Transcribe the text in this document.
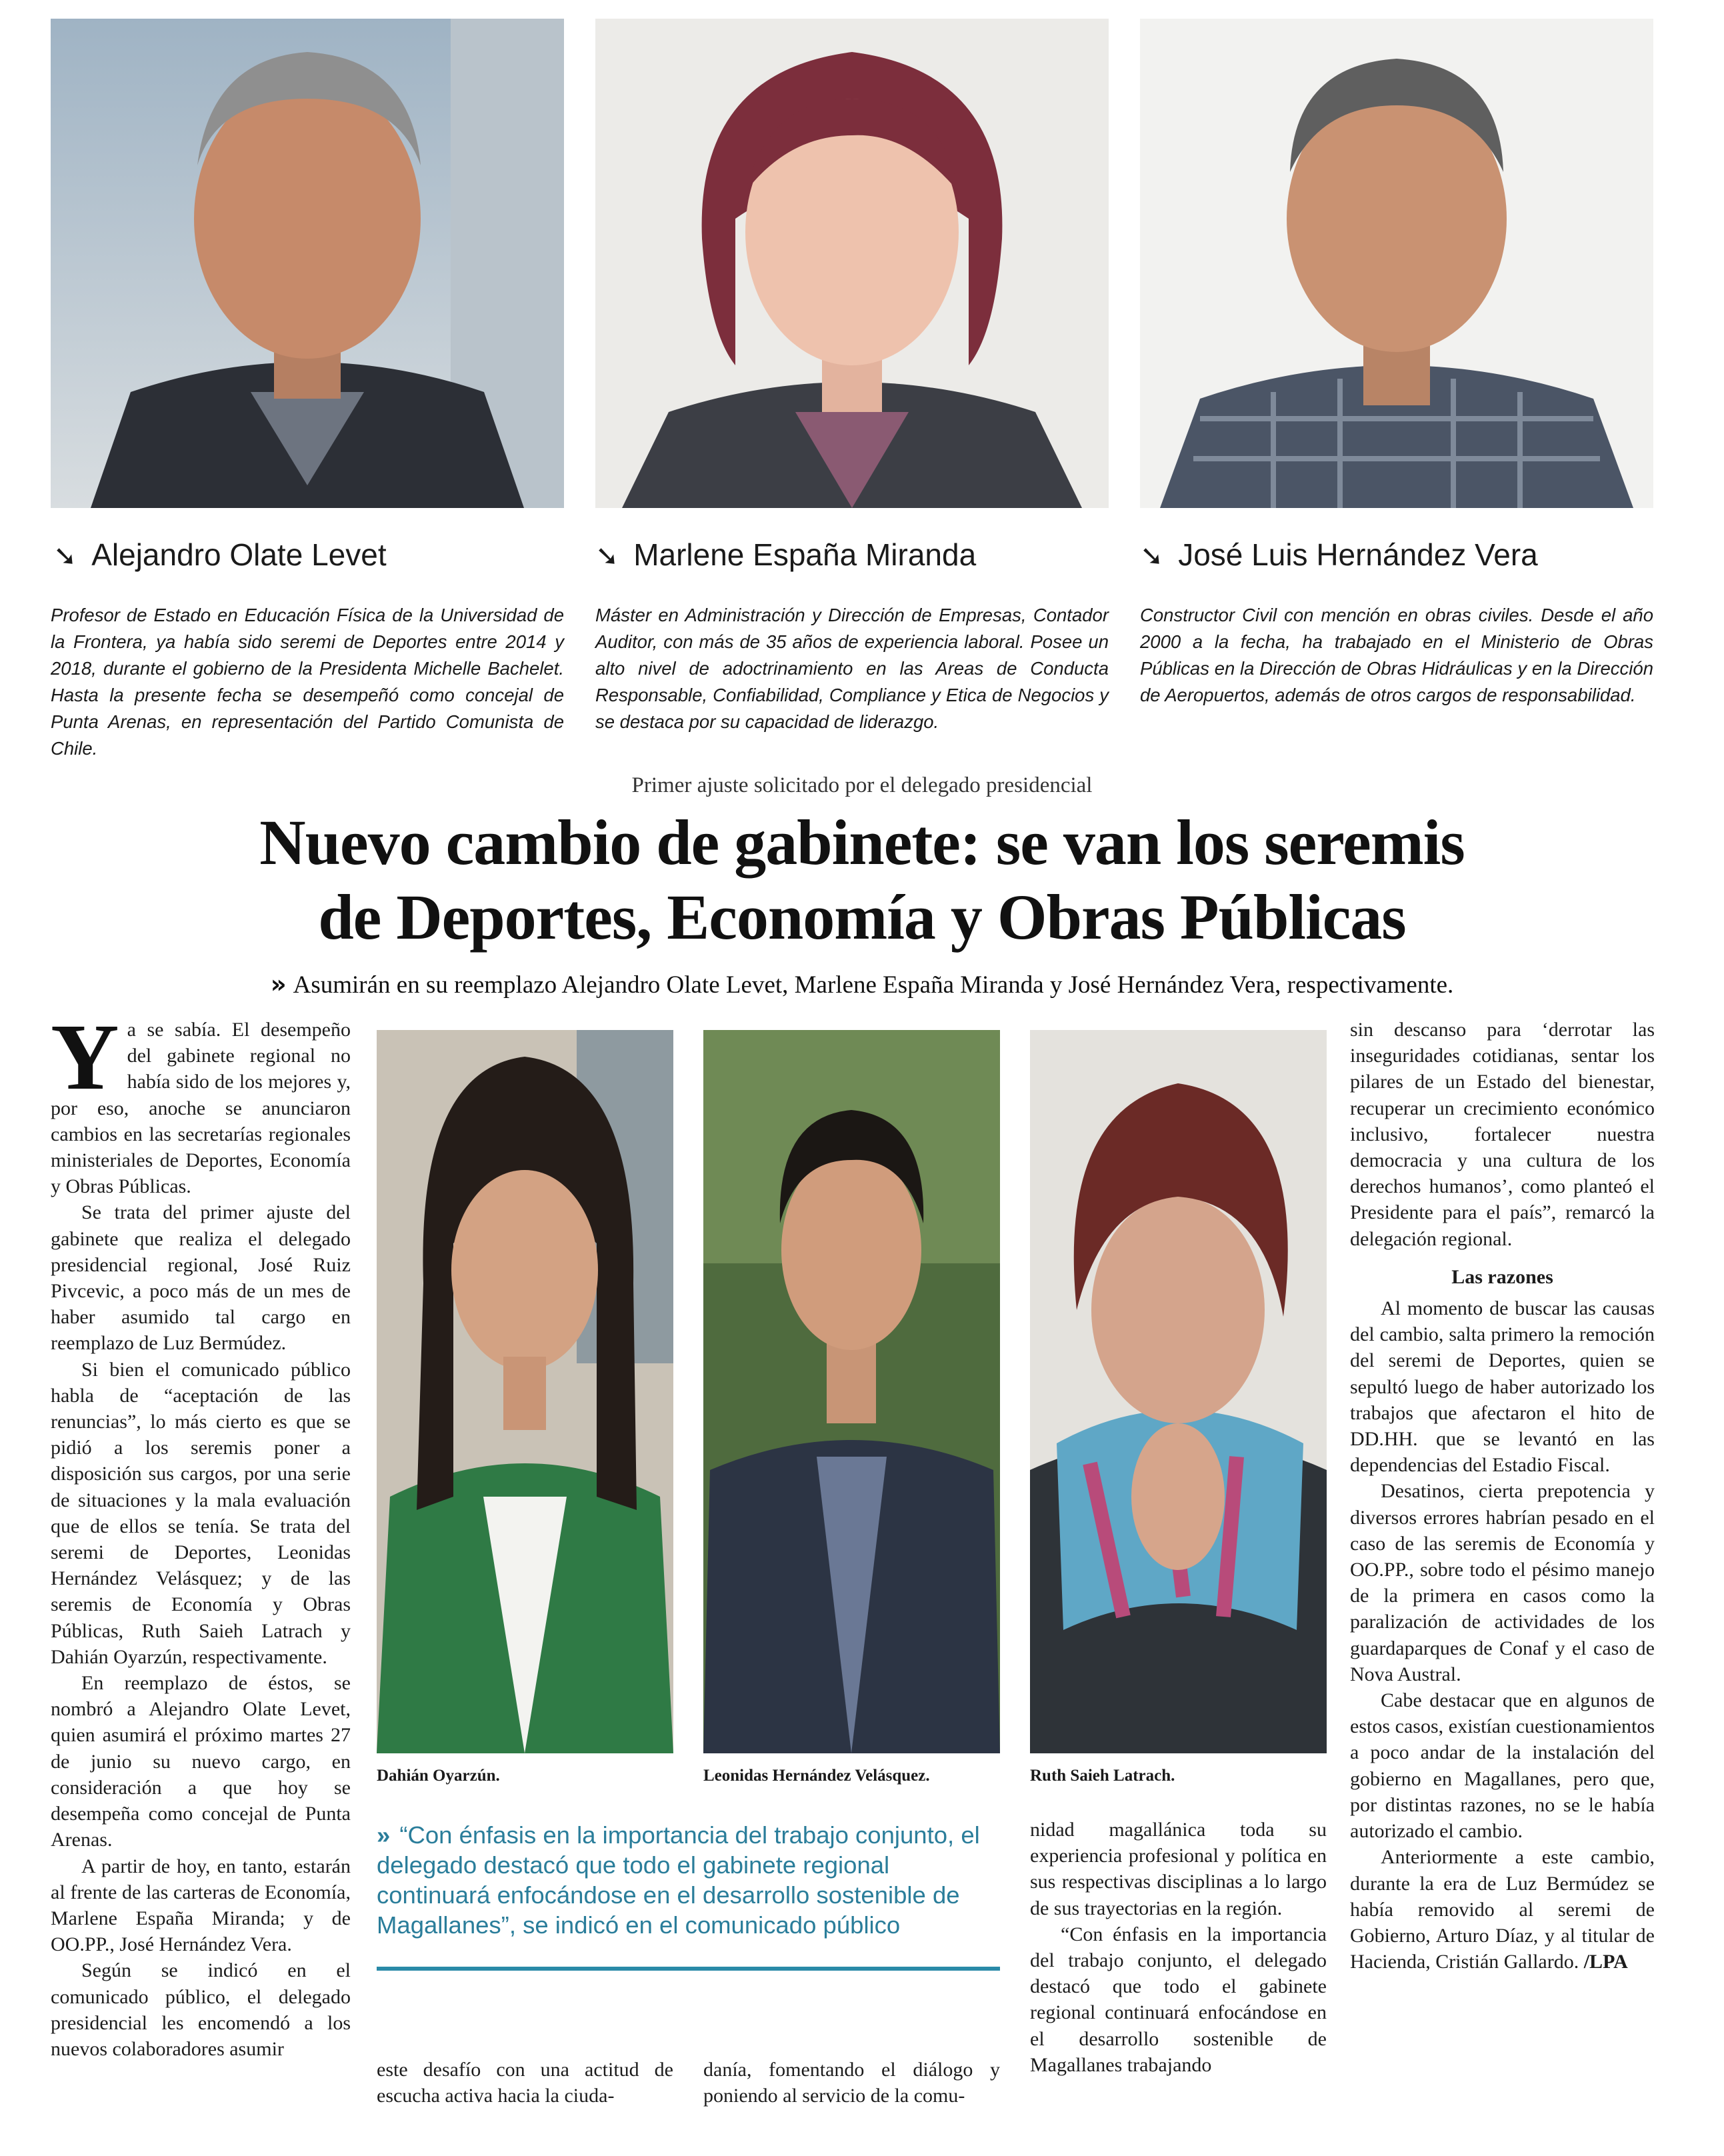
➘ Alejandro Olate Levet	➘ Marlene España Miranda	➘ José Luis Hernández Vera

Profesor de Estado en Educación Física de la Universidad de la Frontera, ya había sido seremi de Deportes entre 2014 y 2018, durante el gobierno de la Presidenta Michelle Bachelet. Hasta la presente fecha se desempeñó como concejal de Punta Arenas, en representación del Partido Comunista de Chile.

Máster en Administración y Dirección de Empresas, Contador Auditor, con más de 35 años de experiencia laboral. Posee un alto nivel de adoctrinamiento en las Areas de Conducta Responsable, Confiabilidad, Compliance y Etica de Negocios y se destaca por su capacidad de liderazgo.

Constructor Civil con mención en obras civiles. Desde el año 2000 a la fecha, ha trabajado en el Ministerio de Obras Públicas en la Dirección de Obras Hidráulicas y en la Dirección de Aeropuertos, además de otros cargos de responsabilidad.

Primer ajuste solicitado por el delegado presidencial
Nuevo cambio de gabinete: se van los seremis
de Deportes, Economía y Obras Públicas
» Asumirán en su reemplazo Alejandro Olate Levet, Marlene España Miranda y José Hernández Vera, respectivamente.

Ya se sabía. El desempeño del gabinete regional no había sido de los mejores y, por eso, anoche se anunciaron cambios en las secretarías regionales ministeriales de Deportes, Economía y Obras Públicas.

Se trata del primer ajuste del gabinete que realiza el delegado presidencial regional, José Ruiz Pivcevic, a poco más de un mes de haber asumido tal cargo en reemplazo de Luz Bermúdez.

Si bien el comunicado público habla de “aceptación de las renuncias”, lo más cierto es que se pidió a los seremis poner a disposición sus cargos, por una serie de situaciones y la mala evaluación que de ellos se tenía. Se trata del seremi de Deportes, Leonidas Hernández Velásquez; y de las seremis de Economía y Obras Públicas, Ruth Saieh Latrach y Dahián Oyarzún, respectivamente.

En reemplazo de éstos, se nombró a Alejandro Olate Levet, quien asumirá el próximo martes 27 de junio su nuevo cargo, en consideración a que hoy se desempeña como concejal de Punta Arenas.

A partir de hoy, en tanto, estarán al frente de las carteras de Economía, Marlene España Miranda; y de OO.PP., José Hernández Vera.

Según se indicó en el comunicado público, el delegado presidencial les encomendó a los nuevos colaboradores asumir

Dahián Oyarzún.	Leonidas Hernández Velásquez.	Ruth Saieh Latrach.
» “Con énfasis en la importancia del trabajo conjunto, el delegado destacó que todo el gabinete regional continuará enfocándose en el desarrollo sostenible de Magallanes”, se indicó en el comunicado público

este desafío con una actitud de escucha activa hacia la ciuda-

danía, fomentando el diálogo y poniendo al servicio de la comu-

nidad magallánica toda su experiencia profesional y política en sus respectivas disciplinas a lo largo de sus trayectorias en la región.

“Con énfasis en la importancia del trabajo conjunto, el delegado destacó que todo el gabinete regional continuará enfocándose en el desarrollo sostenible de Magallanes trabajando

sin descanso para ‘derrotar las inseguridades cotidianas, sentar los pilares de un Estado del bienestar, recuperar un crecimiento económico inclusivo, fortalecer nuestra democracia y una cultura de los derechos humanos’, como planteó el Presidente para el país”, remarcó la delegación regional.

Las razones

Al momento de buscar las causas del cambio, salta primero la remoción del seremi de Deportes, quien se sepultó luego de haber autorizado los trabajos que afectaron el hito de DD.HH. que se levantó en las dependencias del Estadio Fiscal.

Desatinos, cierta prepotencia y diversos errores habrían pesado en el caso de las seremis de Economía y OO.PP., sobre todo el pésimo manejo de la primera en casos como la paralización de actividades de los guardaparques de Conaf y el caso de Nova Austral.

Cabe destacar que en algunos de estos casos, existían cuestionamientos a poco andar de la instalación del gobierno en Magallanes, pero que, por distintas razones, no se le había autorizado el cambio.

Anteriormente a este cambio, durante la era de Luz Bermúdez se había removido al seremi de Gobierno, Arturo Díaz, y al titular de Hacienda, Cristián Gallardo. /LPA
